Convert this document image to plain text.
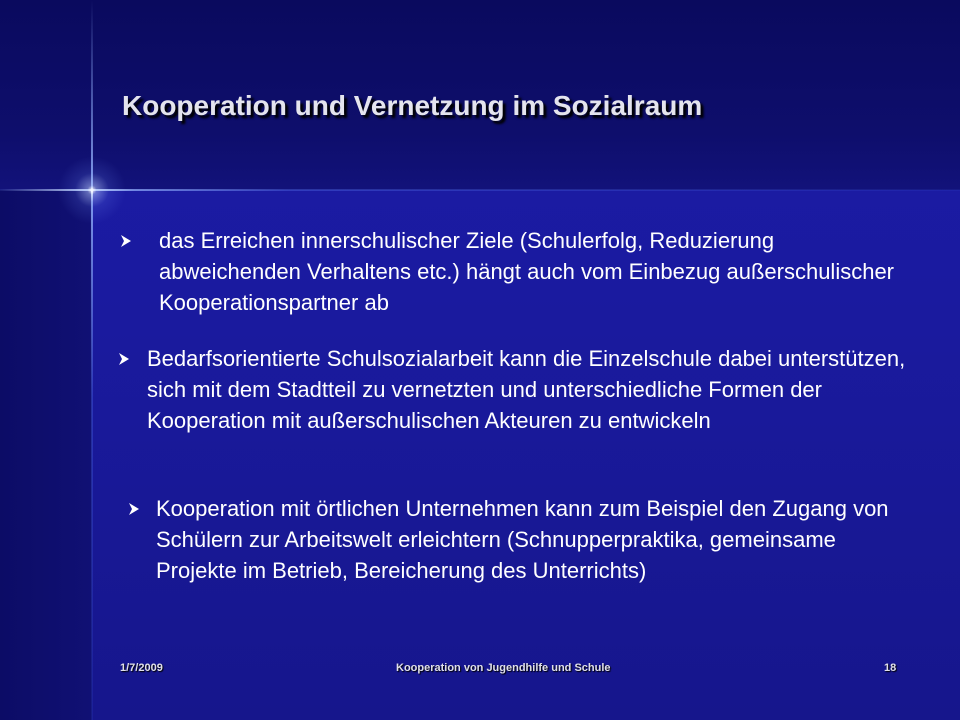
Kooperation und Vernetzung im Sozialraum
das Erreichen innerschulischer Ziele (Schulerfolg, Reduzierung abweichenden Verhaltens etc.) hängt auch vom Einbezug außerschulischer Kooperationspartner ab
Bedarfsorientierte Schulsozialarbeit kann die Einzelschule dabei unterstützen, sich mit dem Stadtteil zu vernetzten und unterschiedliche Formen der Kooperation mit außerschulischen Akteuren zu entwickeln
Kooperation mit örtlichen Unternehmen kann zum Beispiel den Zugang von Schülern zur Arbeitswelt erleichtern (Schnupperpraktika, gemeinsame Projekte im Betrieb, Bereicherung des Unterrichts)
1/7/2009	Kooperation von Jugendhilfe und Schule	18
